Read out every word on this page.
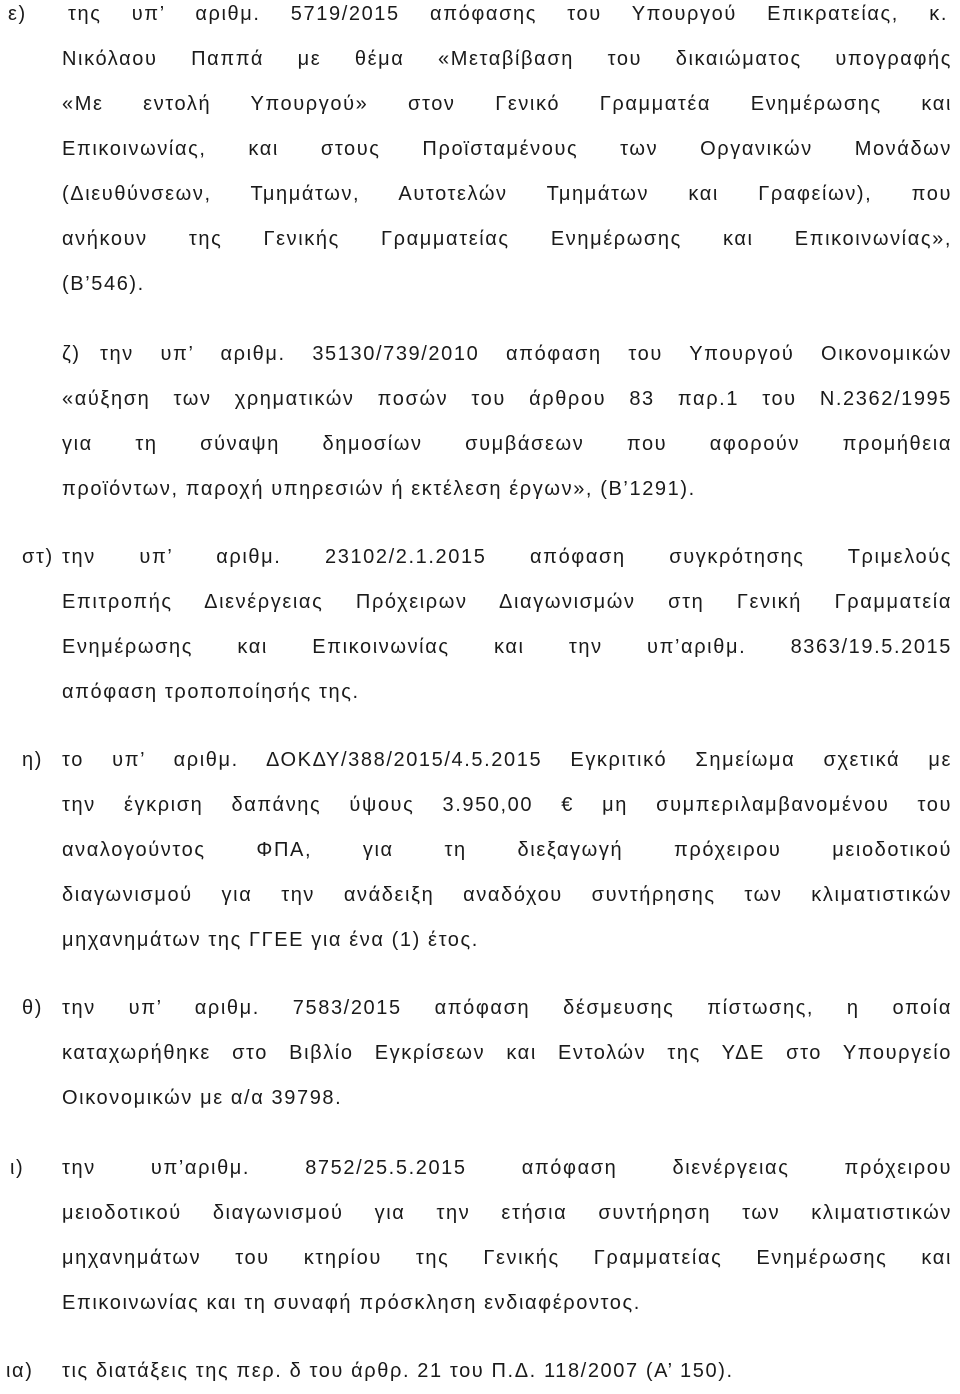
ε) της υπ’ αριθμ. 5719/2015 απόφασης του Υπουργού Επικρατείας, κ.
Νικόλαου Παππά με θέμα «Μεταβίβαση του δικαιώματος υπογραφής
«Με εντολή Υπουργού» στον Γενικό Γραμματέα Ενημέρωσης και
Επικοινωνίας, και στους Προϊσταμένους των Οργανικών Μονάδων
(Διευθύνσεων, Τμημάτων, Αυτοτελών Τμημάτων και Γραφείων), που
ανήκουν της Γενικής Γραμματείας Ενημέρωσης και Επικοινωνίας»,
(Β’546).
ζ) την υπ’ αριθμ. 35130/739/2010 απόφαση του Υπουργού Οικονομικών
«αύξηση των χρηματικών ποσών του άρθρου 83 παρ.1 του Ν.2362/1995
για τη σύναψη δημοσίων συμβάσεων που αφορούν προμήθεια
προϊόντων, παροχή υπηρεσιών ή εκτέλεση έργων», (Β’1291).
στ) την υπ’ αριθμ. 23102/2.1.2015 απόφαση συγκρότησης Τριμελούς
Επιτροπής Διενέργειας Πρόχειρων Διαγωνισμών στη Γενική Γραμματεία
Ενημέρωσης και Επικοινωνίας και την υπ’αριθμ. 8363/19.5.2015
απόφαση τροποποίησής της.
η) το υπ’ αριθμ. ΔΟΚΔΥ/388/2015/4.5.2015 Εγκριτικό Σημείωμα σχετικά με
την έγκριση δαπάνης ύψους 3.950,00 € μη συμπεριλαμβανομένου του
αναλογούντος ΦΠΑ, για τη διεξαγωγή πρόχειρου μειοδοτικού
διαγωνισμού για την ανάδειξη αναδόχου συντήρησης των κλιματιστικών
μηχανημάτων της ΓΓΕΕ για ένα (1) έτος.
θ) την υπ’ αριθμ. 7583/2015 απόφαση δέσμευσης πίστωσης, η οποία
καταχωρήθηκε στο Βιβλίο Εγκρίσεων και Εντολών της ΥΔΕ στο Υπουργείο
Οικονομικών με α/α 39798.
ι) την υπ’αριθμ. 8752/25.5.2015 απόφαση διενέργειας πρόχειρου
μειοδοτικού διαγωνισμού για την ετήσια συντήρηση των κλιματιστικών
μηχανημάτων του κτηρίου της Γενικής Γραμματείας Ενημέρωσης και
Επικοινωνίας και τη συναφή πρόσκληση ενδιαφέροντος.
ια) τις διατάξεις της περ. δ του άρθρ. 21 του Π.Δ. 118/2007 (Α’ 150).
